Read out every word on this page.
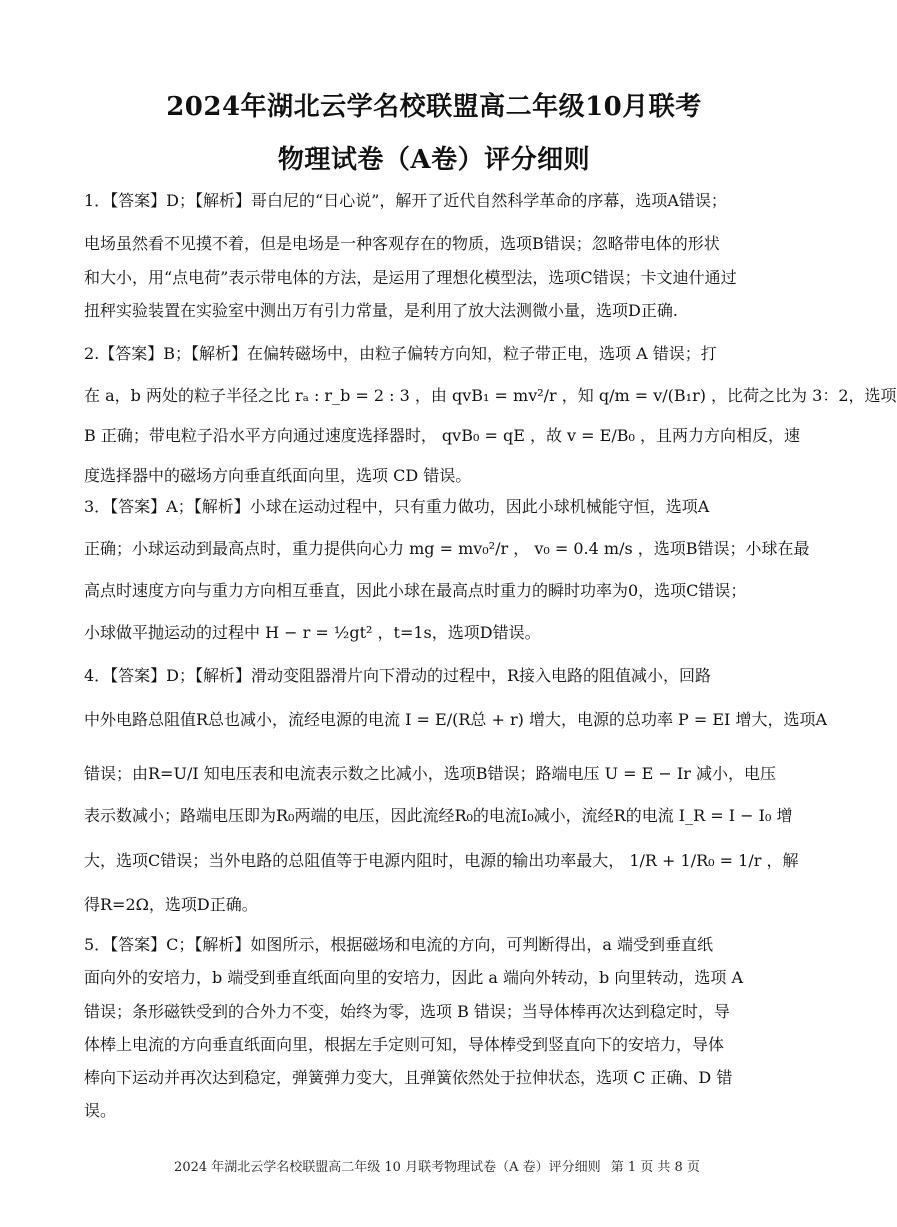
2024年湖北云学名校联盟高二年级10月联考
物理试卷（A卷）评分细则
1．【答案】D；【解析】哥白尼的“日心说”，解开了近代自然科学革命的序幕，选项A错误；
电场虽然看不见摸不着，但是电场是一种客观存在的物质，选项B错误；忽略带电体的形状
和大小，用“点电荷”表示带电体的方法，是运用了理想化模型法，选项C错误；卡文迪什通过
扭秤实验装置在实验室中测出万有引力常量，是利用了放大法测微小量，选项D正确.
2.【答案】B；【解析】在偏转磁场中，由粒子偏转方向知，粒子带正电，选项 A 错误；打
在 a，b 两处的粒子半径之比 rₐ : r_b = 2 : 3 ，由 qvB₁ = mv²/r ，知 q/m = v/(B₁r) ，比荷之比为 3：2，选项
B 正确；带电粒子沿水平方向通过速度选择器时， qvB₀ = qE ，故 v = E/B₀ ，且两力方向相反，速
度选择器中的磁场方向垂直纸面向里，选项 CD 错误。
3．【答案】A；【解析】小球在运动过程中，只有重力做功，因此小球机械能守恒，选项A
正确；小球运动到最高点时，重力提供向心力 mg = mv₀²/r ， v₀ = 0.4 m/s ，选项B错误；小球在最
高点时速度方向与重力方向相互垂直，因此小球在最高点时重力的瞬时功率为0，选项C错误；
小球做平抛运动的过程中 H − r = ½gt² ，t=1s，选项D错误。
4．【答案】D；【解析】滑动变阻器滑片向下滑动的过程中，R接入电路的阻值减小，回路
中外电路总阻值R总也减小，流经电源的电流 I = E/(R总 + r) 增大，电源的总功率 P = EI 增大，选项A
错误；由R=U/I 知电压表和电流表示数之比减小，选项B错误；路端电压 U = E − Ir 减小，电压
表示数减小；路端电压即为R₀两端的电压，因此流经R₀的电流I₀减小，流经R的电流 I_R = I − I₀ 增
大，选项C错误；当外电路的总阻值等于电源内阻时，电源的输出功率最大， 1/R + 1/R₀ = 1/r ，解
得R=2Ω，选项D正确。
5．【答案】C；【解析】如图所示，根据磁场和电流的方向，可判断得出，a 端受到垂直纸
面向外的安培力，b 端受到垂直纸面向里的安培力，因此 a 端向外转动，b 向里转动，选项 A
错误；条形磁铁受到的合外力不变，始终为零，选项 B 错误；当导体棒再次达到稳定时，导
体棒上电流的方向垂直纸面向里，根据左手定则可知，导体棒受到竖直向下的安培力，导体
棒向下运动并再次达到稳定，弹簧弹力变大，且弹簧依然处于拉伸状态，选项 C 正确、D 错
误。
2024 年湖北云学名校联盟高二年级 10 月联考物理试卷（A 卷）评分细则 第 1 页 共 8 页
